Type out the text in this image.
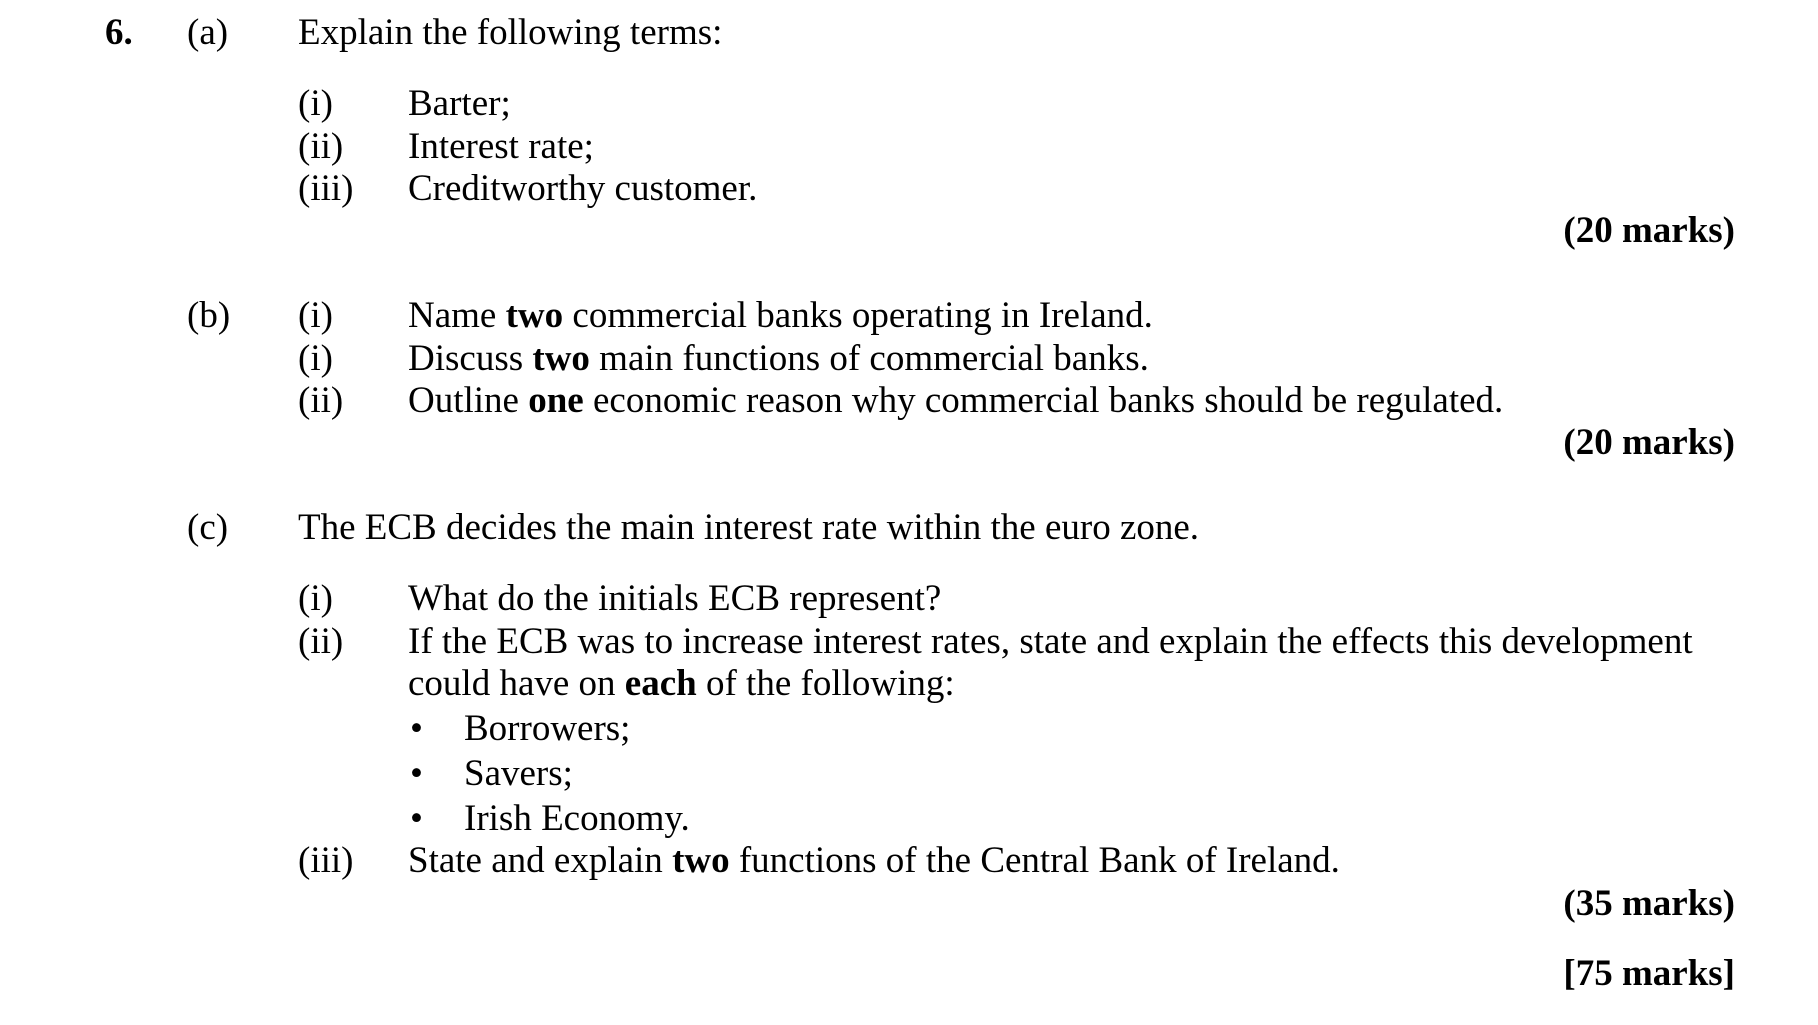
6. (a) Explain the following terms:
(i) Barter;
(ii) Interest rate;
(iii) Creditworthy customer.
(20 marks)
(b) (i) Name two commercial banks operating in Ireland.
(i) Discuss two main functions of commercial banks.
(ii) Outline one economic reason why commercial banks should be regulated.
(20 marks)
(c) The ECB decides the main interest rate within the euro zone.
(i) What do the initials ECB represent?
(ii) If the ECB was to increase interest rates, state and explain the effects this development
could have on each of the following:
• Borrowers;
• Savers;
• Irish Economy.
(iii) State and explain two functions of the Central Bank of Ireland.
(35 marks)
[75 marks]
